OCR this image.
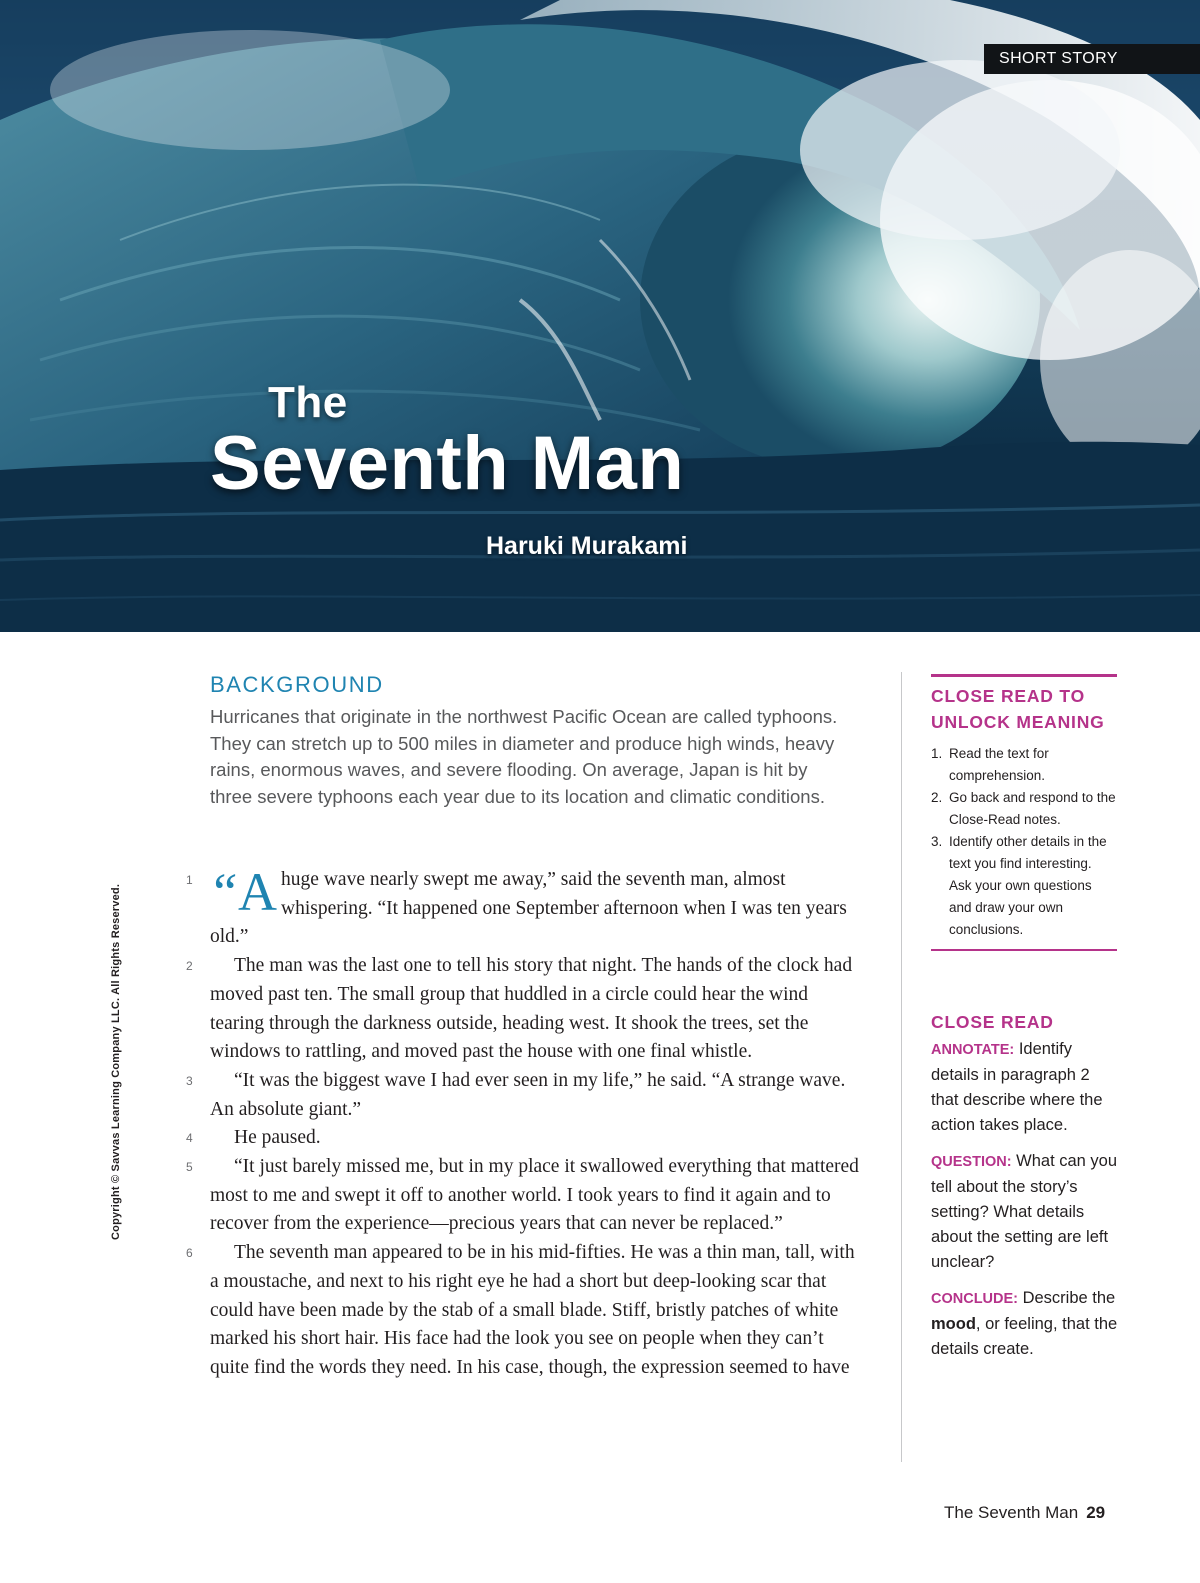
SHORT STORY
The
Seventh Man
Haruki Murakami
BACKGROUND
Hurricanes that originate in the northwest Pacific Ocean are called typhoons. They can stretch up to 500 miles in diameter and produce high winds, heavy rains, enormous waves, and severe flooding. On average, Japan is hit by three severe typhoons each year due to its location and climatic conditions.

1 “A huge wave nearly swept me away,” said the seventh man, almost whispering. “It happened one September afternoon when I was ten years old.”

2 The man was the last one to tell his story that night. The hands of the clock had moved past ten. The small group that huddled in a circle could hear the wind tearing through the darkness outside, heading west. It shook the trees, set the windows to rattling, and moved past the house with one final whistle.

3 “It was the biggest wave I had ever seen in my life,” he said. “A strange wave. An absolute giant.”

4 He paused.

5 “It just barely missed me, but in my place it swallowed everything that mattered most to me and swept it off to another world. I took years to find it again and to recover from the experience—precious years that can never be replaced.”

6 The seventh man appeared to be in his mid-fifties. He was a thin man, tall, with a moustache, and next to his right eye he had a short but deep-looking scar that could have been made by the stab of a small blade. Stiff, bristly patches of white marked his short hair. His face had the look you see on people when they can’t quite find the words they need. In his case, though, the expression seemed to have

CLOSE READ TO
UNLOCK MEANING
1. Read the text for comprehension.
2. Go back and respond to the Close-Read notes.
3. Identify other details in the text you find interesting. Ask your own questions and draw your own conclusions.
CLOSE READ

ANNOTATE: Identify details in paragraph 2 that describe where the action takes place.

QUESTION: What can you tell about the story’s setting? What details about the setting are left unclear?

CONCLUDE: Describe the mood, or feeling, that the details create.

Copyright © Savvas Learning Company LLC. All Rights Reserved.
The Seventh Man 29
